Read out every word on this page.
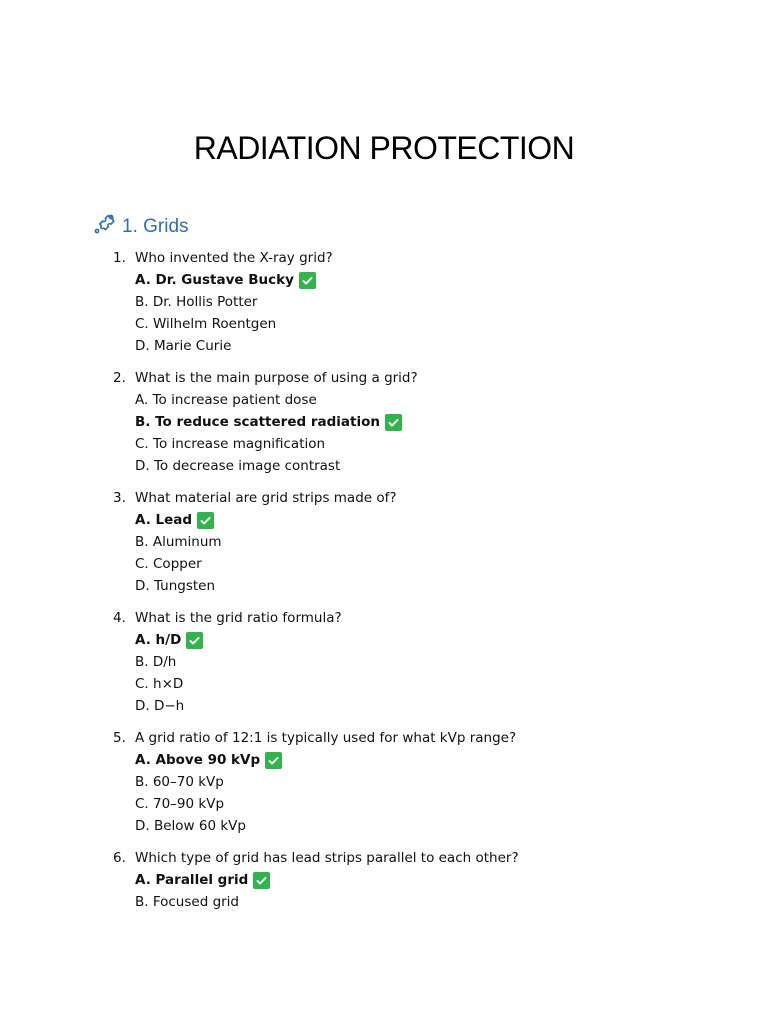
RADIATION PROTECTION
1. Grids
1. Who invented the X-ray grid?
A. Dr. Gustave Bucky
B. Dr. Hollis Potter
C. Wilhelm Roentgen
D. Marie Curie
2. What is the main purpose of using a grid?
A. To increase patient dose
B. To reduce scattered radiation
C. To increase magnification
D. To decrease image contrast
3. What material are grid strips made of?
A. Lead
B. Aluminum
C. Copper
D. Tungsten
4. What is the grid ratio formula?
A. h/D
B. D/h
C. h×D
D. D−h
5. A grid ratio of 12:1 is typically used for what kVp range?
A. Above 90 kVp
B. 60–70 kVp
C. 70–90 kVp
D. Below 60 kVp
6. Which type of grid has lead strips parallel to each other?
A. Parallel grid
B. Focused grid
